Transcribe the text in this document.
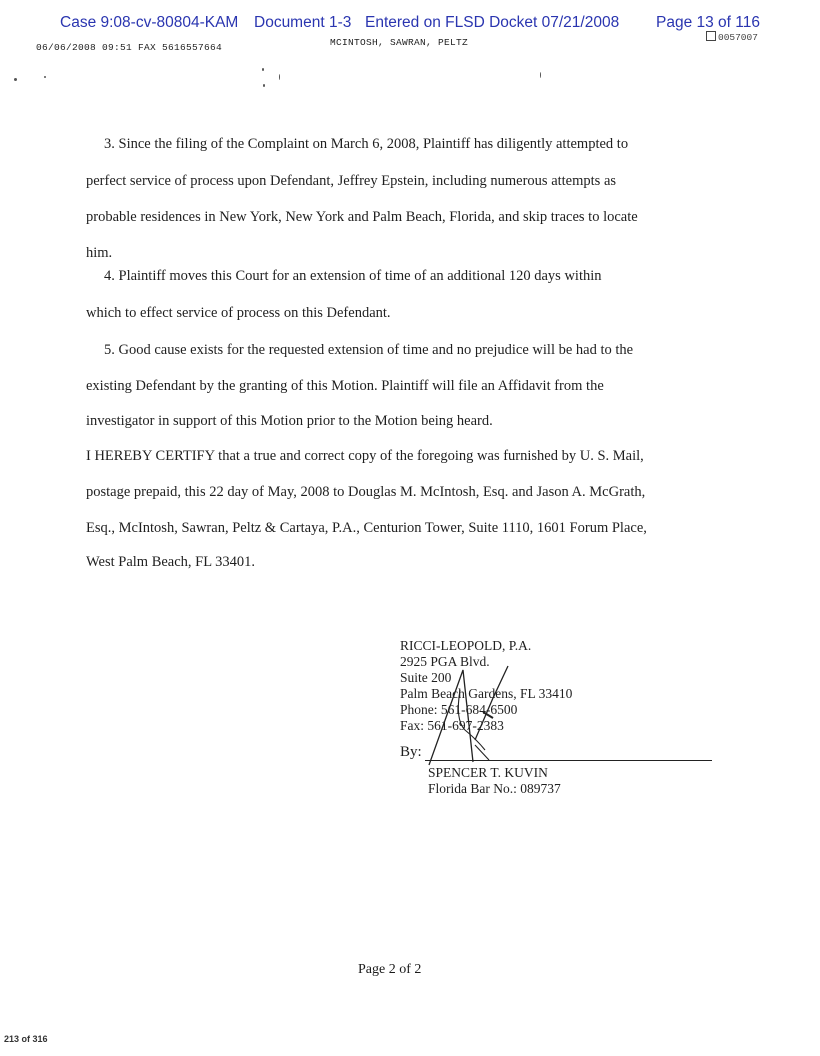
Case 9:08-cv-80804-KAM Document 1-3 Entered on FLSD Docket 07/21/2008 Page 13 of 116
06/06/2008 09:51 FAX 5616557664	MCINTOSH, SAWRAN, PELTZ	0057007
3. Since the filing of the Complaint on March 6, 2008, Plaintiff has diligently attempted to
perfect service of process upon Defendant, Jeffrey Epstein, including numerous attempts as
probable residences in New York, New York and Palm Beach, Florida, and skip traces to locate
him.
4. Plaintiff moves this Court for an extension of time of an additional 120 days within
which to effect service of process on this Defendant.
5. Good cause exists for the requested extension of time and no prejudice will be had to the
existing Defendant by the granting of this Motion. Plaintiff will file an Affidavit from the
investigator in support of this Motion prior to the Motion being heard.
I HEREBY CERTIFY that a true and correct copy of the foregoing was furnished by U. S. Mail,
postage prepaid, this 22 day of May, 2008 to Douglas M. McIntosh, Esq. and Jason A. McGrath,
Esq., McIntosh, Sawran, Peltz & Cartaya, P.A., Centurion Tower, Suite 1110, 1601 Forum Place,
West Palm Beach, FL 33401.
RICCI-LEOPOLD, P.A.
2925 PGA Blvd.
Suite 200
Palm Beach Gardens, FL 33410
Phone: 561-684-6500
Fax: 561-697-2383
By:
SPENCER T. KUVIN
Florida Bar No.: 089737
Page 2 of 2
213 of 316
